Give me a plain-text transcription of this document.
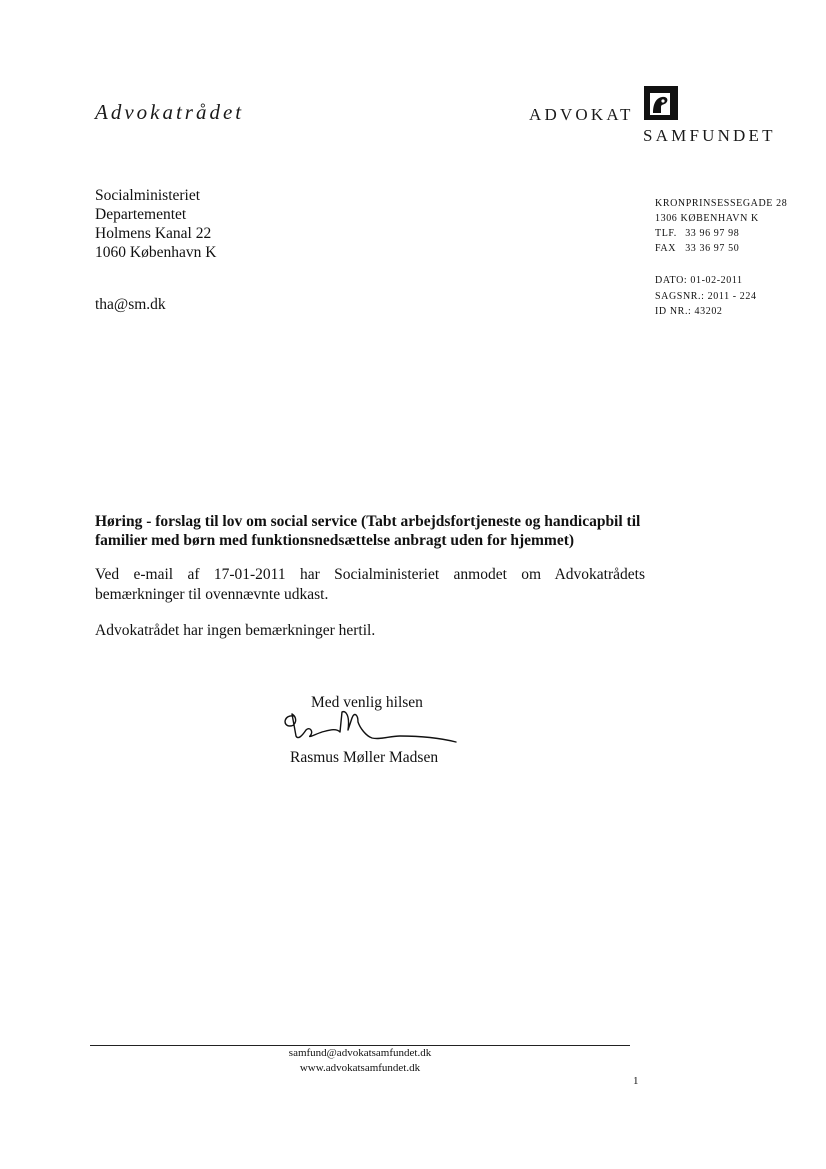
Advokatrådet	ADVOKAT
SAMFUNDET
Socialministeriet
Departementet
Holmens Kanal 22
1060 København K
tha@sm.dk
KRONPRINSESSEGADE 28
1306 KØBENHAVN K
TLF. 33 96 97 98
FAX 33 36 97 50
DATO: 01-02-2011
SAGSNR.: 2011 - 224
ID NR.: 43202
Høring - forslag til lov om social service (Tabt arbejdsfortjeneste og handicapbil til familier med børn med funktionsnedsættelse anbragt uden for hjemmet)
Ved e-mail af 17-01-2011 har Socialministeriet anmodet om Advokatrådets bemærkninger til ovennævnte udkast.
Advokatrådet har ingen bemærkninger hertil.
Med venlig hilsen
Rasmus Møller Madsen
samfund@advokatsamfundet.dk
www.advokatsamfundet.dk
1
